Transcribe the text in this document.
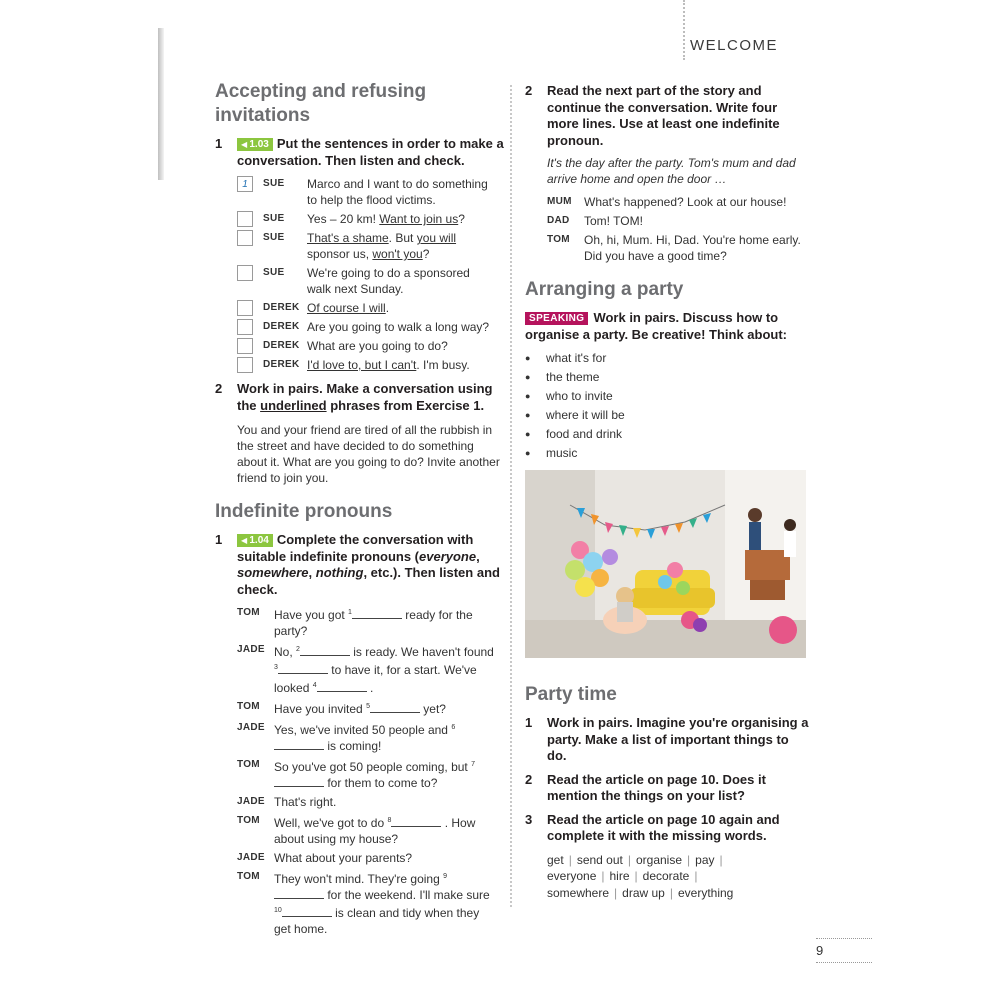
WELCOME
Accepting and refusing invitations
1	◀ 1.03 Put the sentences in order to make a conversation. Then listen and check.
1	SUE	Marco and I want to do something to help the flood victims.
SUE	Yes – 20 km! Want to join us?
SUE	That's a shame. But you will sponsor us, won't you?
SUE	We're going to do a sponsored walk next Sunday.
DEREK Of course I will.
DEREK Are you going to walk a long way?
DEREK What are you going to do?
DEREK I'd love to, but I can't. I'm busy.
2	Work in pairs. Make a conversation using the underlined phrases from Exercise 1.
You and your friend are tired of all the rubbish in the street and have decided to do something about it. What are you going to do? Invite another friend to join you.
Indefinite pronouns
1	◀ 1.04 Complete the conversation with suitable indefinite pronouns (everyone, somewhere, nothing, etc.). Then listen and check.
TOM	Have you got $^1$	ready for the party?
JADE No, $^2$	is ready. We haven't found $^3$	to have it, for a start. We've looked $^4$	.
TOM	Have you invited $^5$	yet?
JADE Yes, we've invited 50 people and $^6$ is coming!
TOM	So you've got 50 people coming, but $^7$ for them to come to?
JADE That's right.
TOM	Well, we've got to do $^8$	. How about using my house?
JADE What about your parents?
TOM	They won't mind. They're going $^9$ for the weekend. I'll make sure $^{10}$	is clean and tidy when they get home.
2	Read the next part of the story and continue the conversation. Write four more lines. Use at least one indefinite pronoun.
It's the day after the party. Tom's mum and dad arrive home and open the door …
MUM	What's happened? Look at our house!
DAD	Tom! TOM!
TOM	Oh, hi, Mum. Hi, Dad. You're home early. Did you have a good time?
Arranging a party
SPEAKING Work in pairs. Discuss how to organise a party. Be creative! Think about:
●	what it's for
●	the theme
●	who to invite
●	where it will be
●	food and drink
●	music
Party time
1	Work in pairs. Imagine you're organising a party. Make a list of important things to do.
2	Read the article on page 10. Does it mention the things on your list?
3	Read the article on page 10 again and complete it with the missing words.
get | send out | organise | pay |
everyone | hire | decorate |
somewhere | draw up | everything
9
